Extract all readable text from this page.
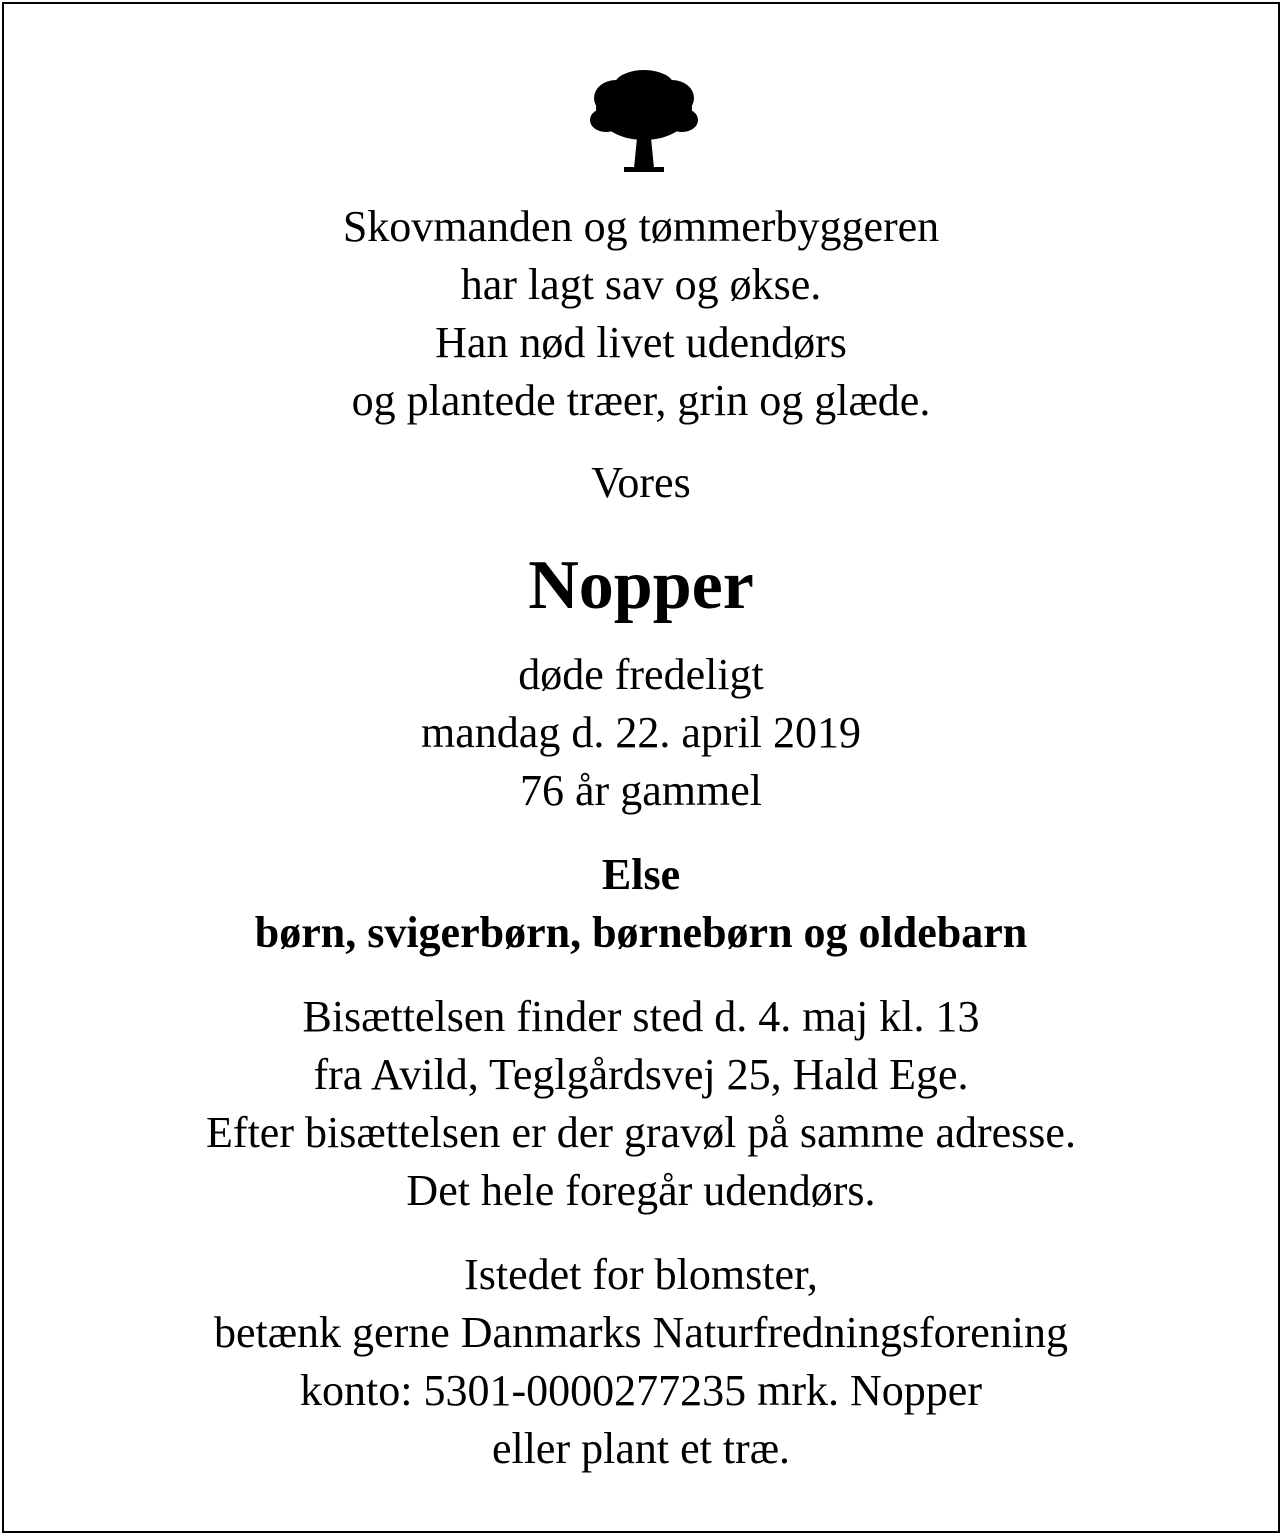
Skovmanden og tømmerbyggeren
har lagt sav og økse.
Han nød livet udendørs
og plantede træer, grin og glæde.
Vores
Nopper
døde fredeligt
mandag d. 22. april 2019
76 år gammel
Else
børn, svigerbørn, børnebørn og oldebarn
Bisættelsen finder sted d. 4. maj kl. 13
fra Avild, Teglgårdsvej 25, Hald Ege.
Efter bisættelsen er der gravøl på samme adresse.
Det hele foregår udendørs.
Istedet for blomster,
betænk gerne Danmarks Naturfredningsforening
konto: 5301-0000277235 mrk. Nopper
eller plant et træ.
